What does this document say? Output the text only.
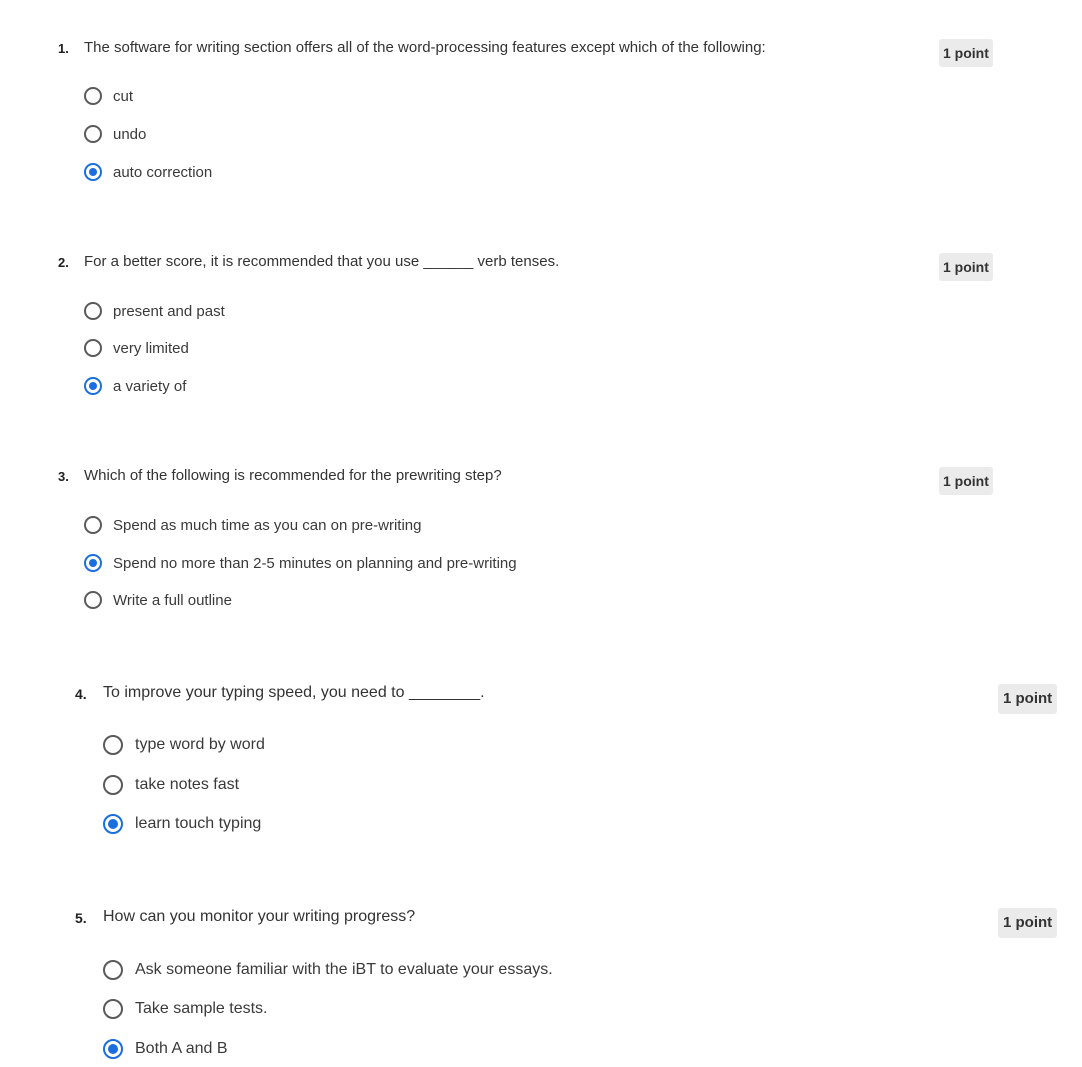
1. The software for writing section offers all of the word-processing features except which of the following:	1 point
cut
undo
auto correction
2. For a better score, it is recommended that you use ______ verb tenses.	1 point
present and past
very limited
a variety of
3. Which of the following is recommended for the prewriting step?	1 point
Spend as much time as you can on pre-writing
Spend no more than 2-5 minutes on planning and pre-writing
Write a full outline
4. To improve your typing speed, you need to ________.	1 point
type word by word
take notes fast
learn touch typing
5. How can you monitor your writing progress?	1 point
Ask someone familiar with the iBT to evaluate your essays.
Take sample tests.
Both A and B
